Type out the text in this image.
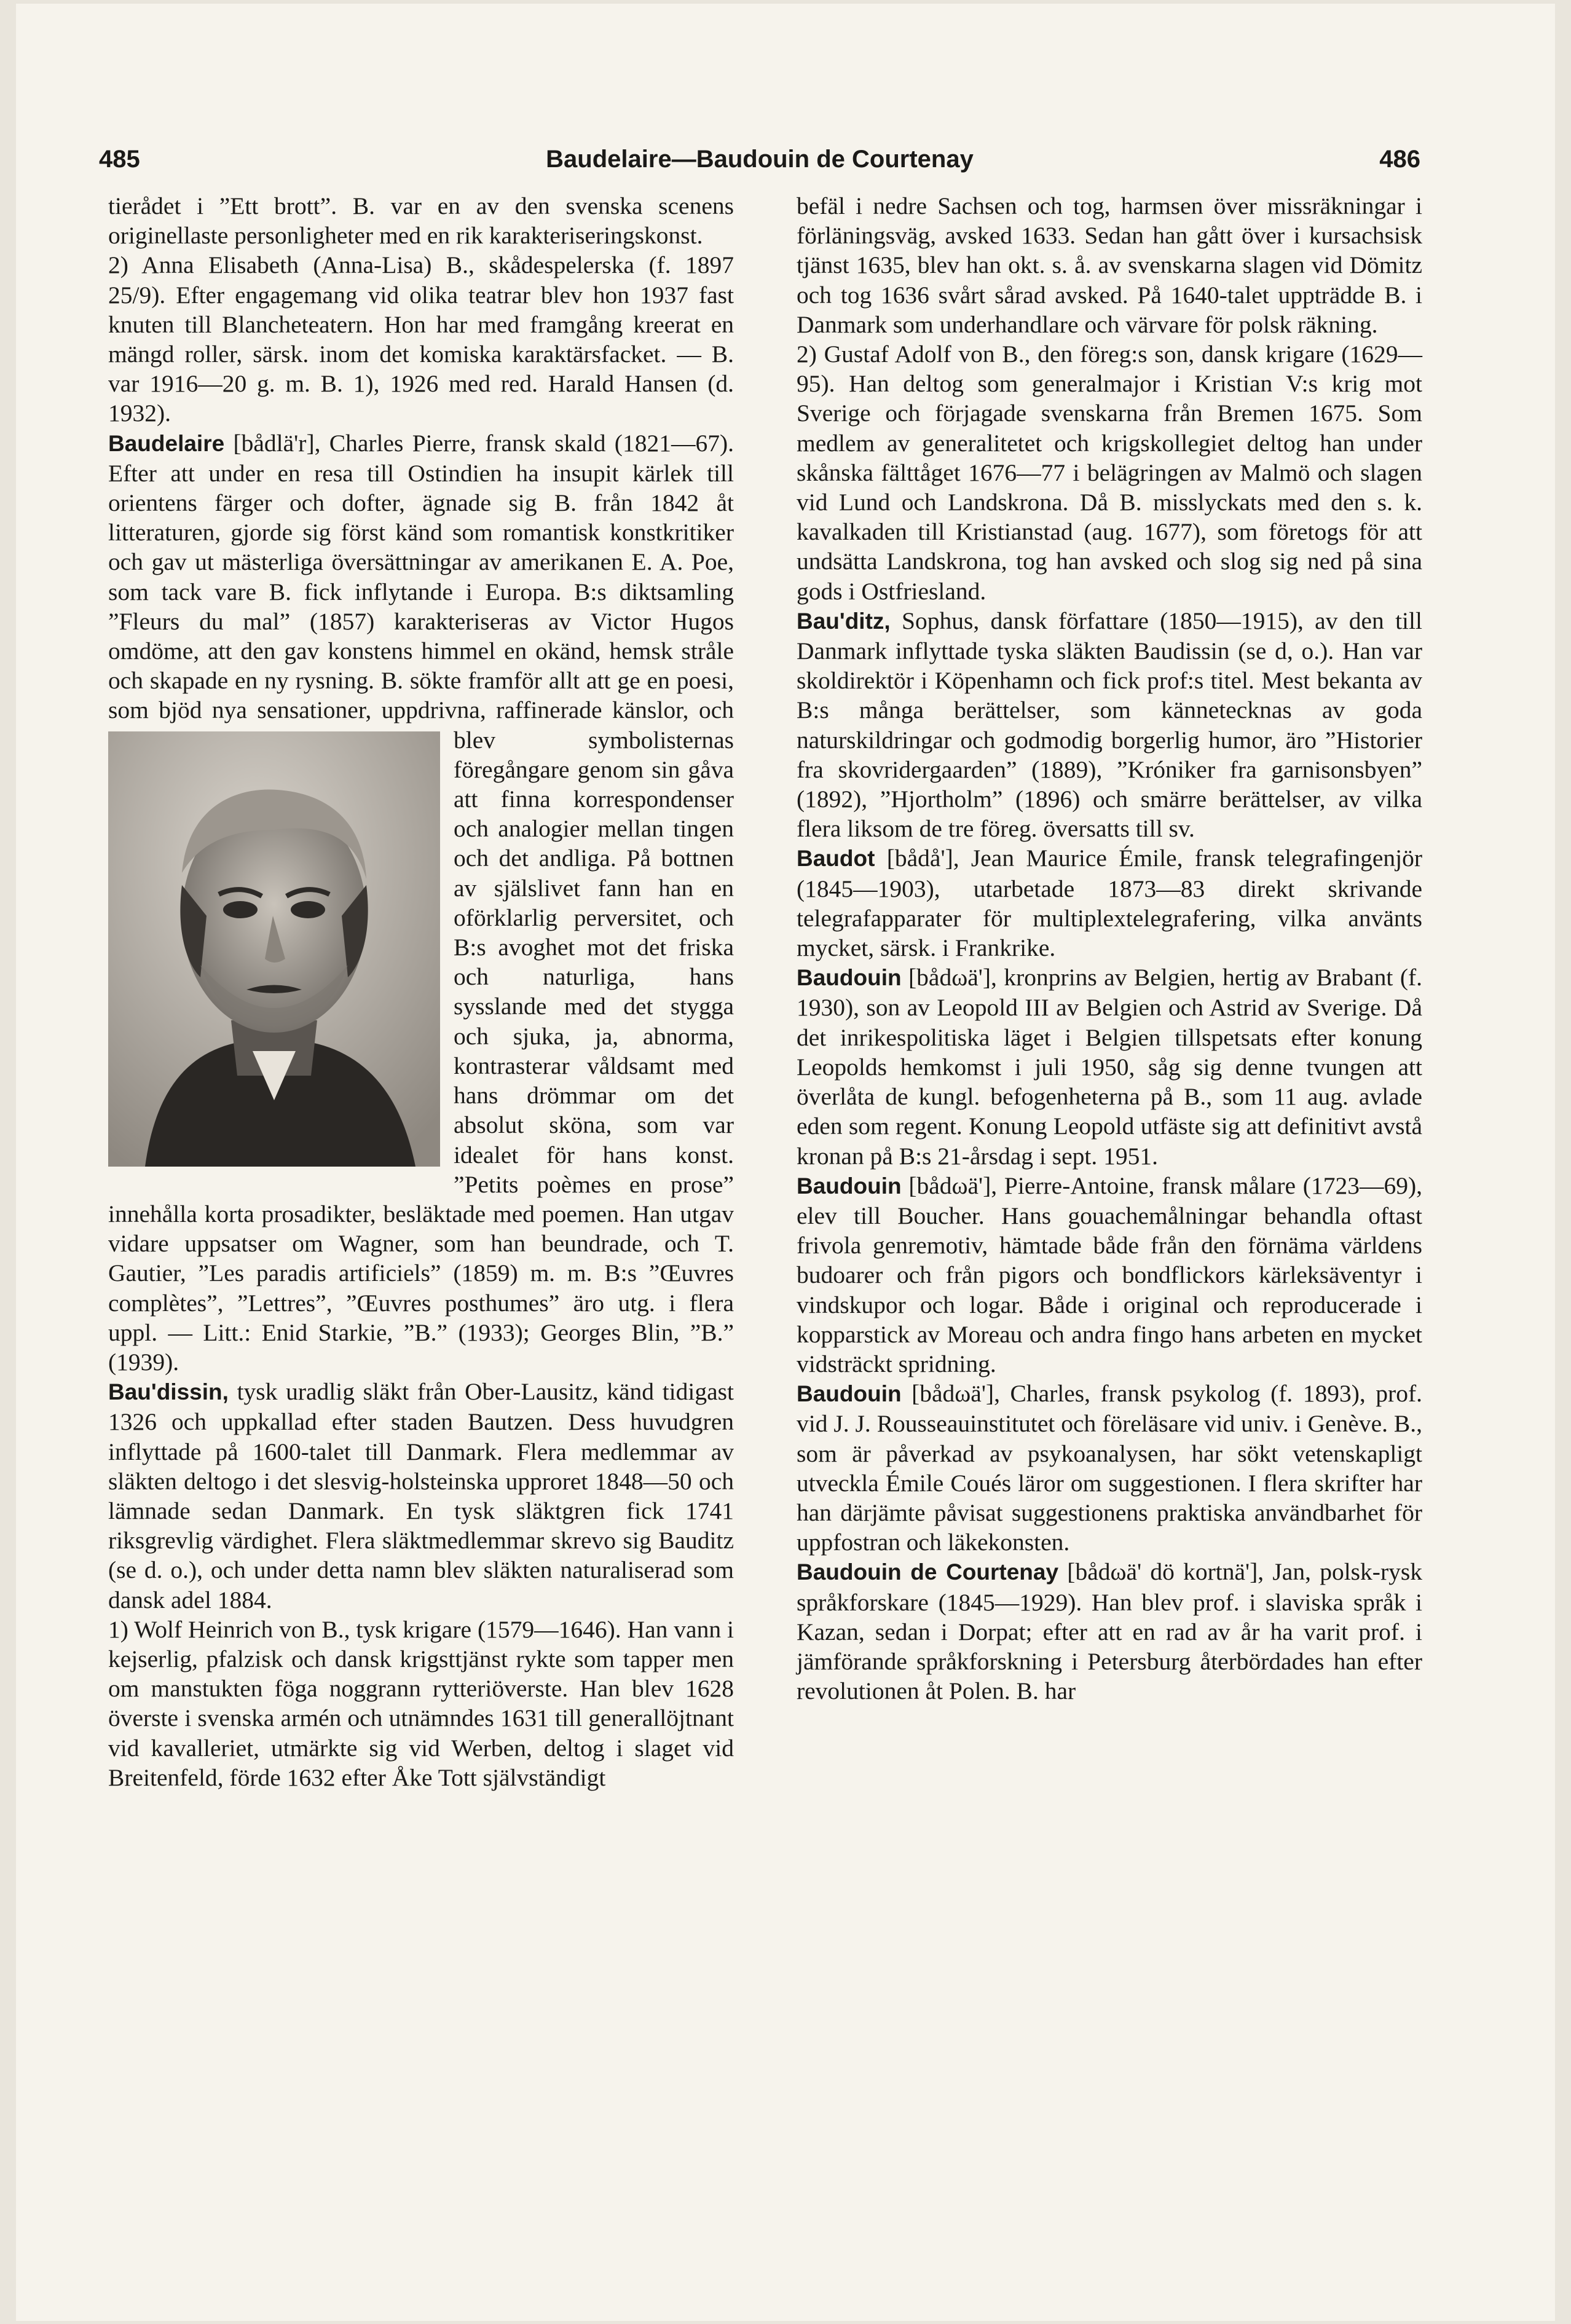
485	Baudelaire—Baudouin de Courtenay	486

tierådet i ”Ett brott”. B. var en av den svenska scenens originellaste personligheter med en rik karakteriseringskonst.

2) Anna Elisabeth (Anna-Lisa) B., skådespelerska (f. 1897 25/9). Efter engagemang vid olika teatrar blev hon 1937 fast knuten till Blancheteatern. Hon har med framgång kreerat en mängd roller, särsk. inom det komiska karaktärsfacket. — B. var 1916—20 g. m. B. 1), 1926 med red. Harald Hansen (d. 1932).

Baudelaire [bådlä'r], Charles Pierre, fransk skald (1821—67). Efter att under en resa till Ostindien ha insupit kärlek till orientens färger och dofter, ägnade sig B. från 1842 åt litteraturen, gjorde sig först känd som romantisk konstkritiker och gav ut mästerliga översättningar av amerikanen E. A. Poe, som tack vare B. fick inflytande i Europa. B:s diktsamling ”Fleurs du mal” (1857) karakteriseras av Victor Hugos omdöme, att den gav konstens himmel en okänd, hemsk stråle och skapade en ny rysning. B. sökte framför allt att ge en poesi, som bjöd nya sensationer, uppdrivna, raffinerade känslor, och
blev symbolisternas föregångare genom sin gåva att finna korrespondenser och analogier mellan tingen och det andliga. På bottnen av själslivet fann han en oförklarlig perversitet, och B:s avoghet mot det friska och naturliga, hans sysslande med det stygga och sjuka, ja, abnorma, kontrasterar våldsamt med hans drömmar om det absolut sköna, som var idealet för hans konst. ”Petits poèmes en prose” innehålla korta prosadikter, besläktade med poemen. Han utgav vidare uppsatser om Wagner, som han beundrade, och T. Gautier, ”Les paradis artificiels” (1859) m. m. B:s ”Œuvres complètes”, ”Lettres”, ”Œuvres posthumes” äro utg. i flera uppl. — Litt.: Enid Starkie, ”B.” (1933); Georges Blin, ”B.” (1939).

Bau'dissin, tysk uradlig släkt från Ober-Lausitz, känd tidigast 1326 och uppkallad efter staden Bautzen. Dess huvudgren inflyttade på 1600-talet till Danmark. Flera medlemmar av släkten deltogo i det slesvig-holsteinska upproret 1848—50 och lämnade sedan Danmark. En tysk släktgren fick 1741 riksgrevlig värdighet. Flera släktmedlemmar skrevo sig Bauditz (se d. o.), och under detta namn blev släkten naturaliserad som dansk adel 1884.

1) Wolf Heinrich von B., tysk krigare (1579—1646). Han vann i kejserlig, pfalzisk och dansk krigsttjänst rykte som tapper men om manstukten föga noggrann rytteriöverste. Han blev 1628 överste i svenska armén och utnämndes 1631 till generallöjtnant vid kavalleriet, utmärkte sig vid Werben, deltog i slaget vid Breitenfeld, förde 1632 efter Åke Tott självständigt

befäl i nedre Sachsen och tog, harmsen över missräkningar i förläningsväg, avsked 1633. Sedan han gått över i kursachsisk tjänst 1635, blev han okt. s. å. av svenskarna slagen vid Dömitz och tog 1636 svårt sårad avsked. På 1640-talet uppträdde B. i Danmark som underhandlare och värvare för polsk räkning.

2) Gustaf Adolf von B., den föreg:s son, dansk krigare (1629—95). Han deltog som generalmajor i Kristian V:s krig mot Sverige och förjagade svenskarna från Bremen 1675. Som medlem av generalitetet och krigskollegiet deltog han under skånska fälttåget 1676—77 i belägringen av Malmö och slagen vid Lund och Landskrona. Då B. misslyckats med den s. k. kavalkaden till Kristianstad (aug. 1677), som företogs för att undsätta Landskrona, tog han avsked och slog sig ned på sina gods i Ostfriesland.

Bau'ditz, Sophus, dansk författare (1850—1915), av den till Danmark inflyttade tyska släkten Baudissin (se d, o.). Han var skoldirektör i Köpenhamn och fick prof:s titel. Mest bekanta av B:s många berättelser, som kännetecknas av goda naturskildringar och godmodig borgerlig humor, äro ”Historier fra skovridergaarden” (1889), ”Króniker fra garnisonsbyen” (1892), ”Hjortholm” (1896) och smärre berättelser, av vilka flera liksom de tre föreg. översatts till sv.

Baudot [bådå'], Jean Maurice Émile, fransk telegrafingenjör (1845—1903), utarbetade 1873—83 direkt skrivande telegrafapparater för multiplextelegrafering, vilka använts mycket, särsk. i Frankrike.

Baudouin [bådωä'], kronprins av Belgien, hertig av Brabant (f. 1930), son av Leopold III av Belgien och Astrid av Sverige. Då det inrikespolitiska läget i Belgien tillspetsats efter konung Leopolds hemkomst i juli 1950, såg sig denne tvungen att överlåta de kungl. befogenheterna på B., som 11 aug. avlade eden som regent. Konung Leopold utfäste sig att definitivt avstå kronan på B:s 21-årsdag i sept. 1951.

Baudouin [bådωä'], Pierre-Antoine, fransk målare (1723—69), elev till Boucher. Hans gouachemålningar behandla oftast frivola genremotiv, hämtade både från den förnäma världens budoarer och från pigors och bondflickors kärleksäventyr i vindskupor och logar. Både i original och reproducerade i kopparstick av Moreau och andra fingo hans arbeten en mycket vidsträckt spridning.

Baudouin [bådωä'], Charles, fransk psykolog (f. 1893), prof. vid J. J. Rousseauinstitutet och föreläsare vid univ. i Genève. B., som är påverkad av psykoanalysen, har sökt vetenskapligt utveckla Émile Coués läror om suggestionen. I flera skrifter har han därjämte påvisat suggestionens praktiska användbarhet för uppfostran och läkekonsten.

Baudouin de Courtenay [bådωä' dö kortnä'], Jan, polsk-rysk språkforskare (1845—1929). Han blev prof. i slaviska språk i Kazan, sedan i Dorpat; efter att en rad av år ha varit prof. i jämförande språkforskning i Petersburg återbördades han efter revolutionen åt Polen. B. har
